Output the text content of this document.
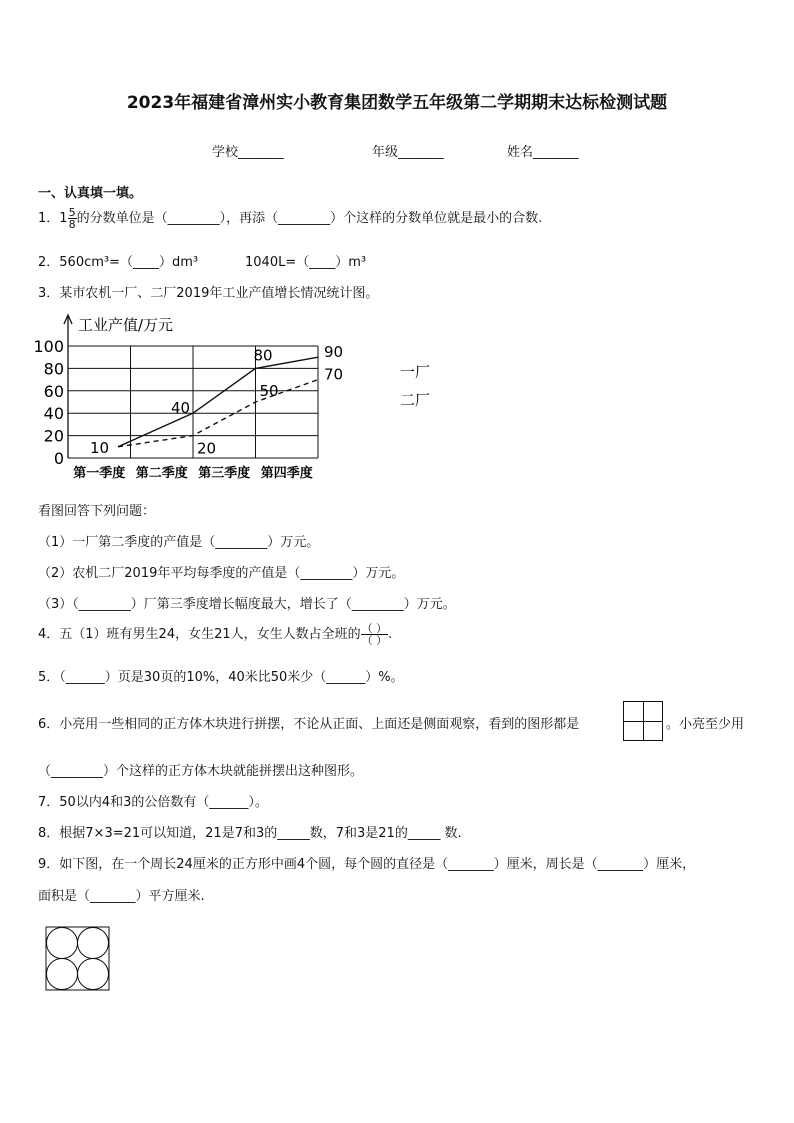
2023年福建省漳州实小教育集团数学五年级第二学期期末达标检测试题
学校_______	年级_______	姓名_______
一、认真填一填。
1．$1 \frac{5}{8}$ 的分数单位是（________），再添（________）个这样的分数单位就是最小的合数.
2．560cm³=（____）dm³	1040L=（____）m³
3．某市农机一厂、二厂2019年工业产值增长情况统计图。
100
80
60
40
20
0
工业产值/万元
第一季度 第二季度 第三季度 第四季度
10
40
80	90
20
50
70	一厂
二厂
看图回答下列问题：
（1）一厂第二季度的产值是（________）万元。
（2）农机二厂2019年平均每季度的产值是（________）万元。
（3）（________）厂第三季度增长幅度最大，增长了（________）万元。
4．五（1）班有男生24，女生21人，女生人数占全班的 $\frac{( )}{( )}$ .
5．（______）页是30页的10%，40米比50米少（______）%。
6．小亮用一些相同的正方体木块进行拼摆，不论从正面、上面还是侧面观察，看到的图形都是	。小亮至少用
（________）个这样的正方体木块就能拼摆出这种图形。
7．50以内4和3的公倍数有（______）。
8．根据7×3=21可以知道，21是7和3的_____数，7和3是21的_____ 数.
9．如下图，在一个周长24厘米的正方形中画4个圆，每个圆的直径是（_______）厘米，周长是（_______）厘米，
面积是（_______）平方厘米.
